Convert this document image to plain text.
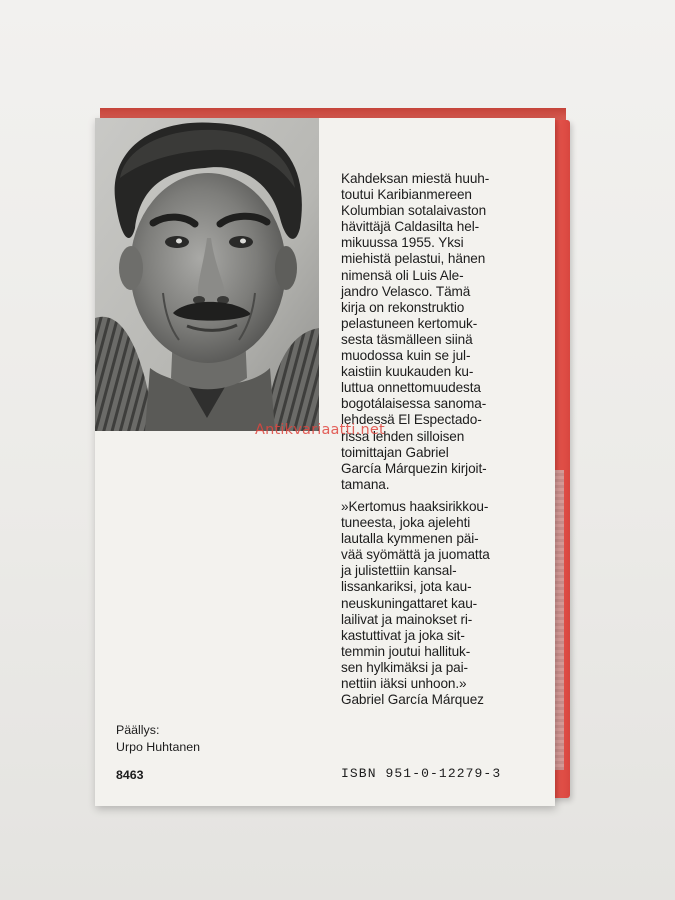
Kahdeksan miestä huuh-
toutui Karibianmereen
Kolumbian sotalaivaston
hävittäjä Caldasilta hel-
mikuussa 1955. Yksi
miehistä pelastui, hänen
nimensä oli Luis Ale-
jandro Velasco. Tämä
kirja on rekonstruktio
pelastuneen kertomuk-
sesta täsmälleen siinä
muodossa kuin se jul-
kaistiin kuukauden ku-
luttua onnettomuudesta
bogotálaisessa sanoma-
lehdessä El Espectado-
rissa lehden silloisen
toimittajan Gabriel
García Márquezin kirjoit-
tamana.
»Kertomus haaksirikkou-
tuneesta, joka ajelehti
lautalla kymmenen päi-
vää syömättä ja juomatta
ja julistettiin kansal-
lissankariksi, jota kau-
neuskuningattaret kau-
lailivat ja mainokset ri-
kastuttivat ja joka sit-
temmin joutui hallituk-
sen hylkimäksi ja pai-
nettiin iäksi unhoon.»
Gabriel García Márquez
Päällys:
Urpo Huhtanen
8463	ISBN 951-0-12279-3
Antikvariaatti.net
